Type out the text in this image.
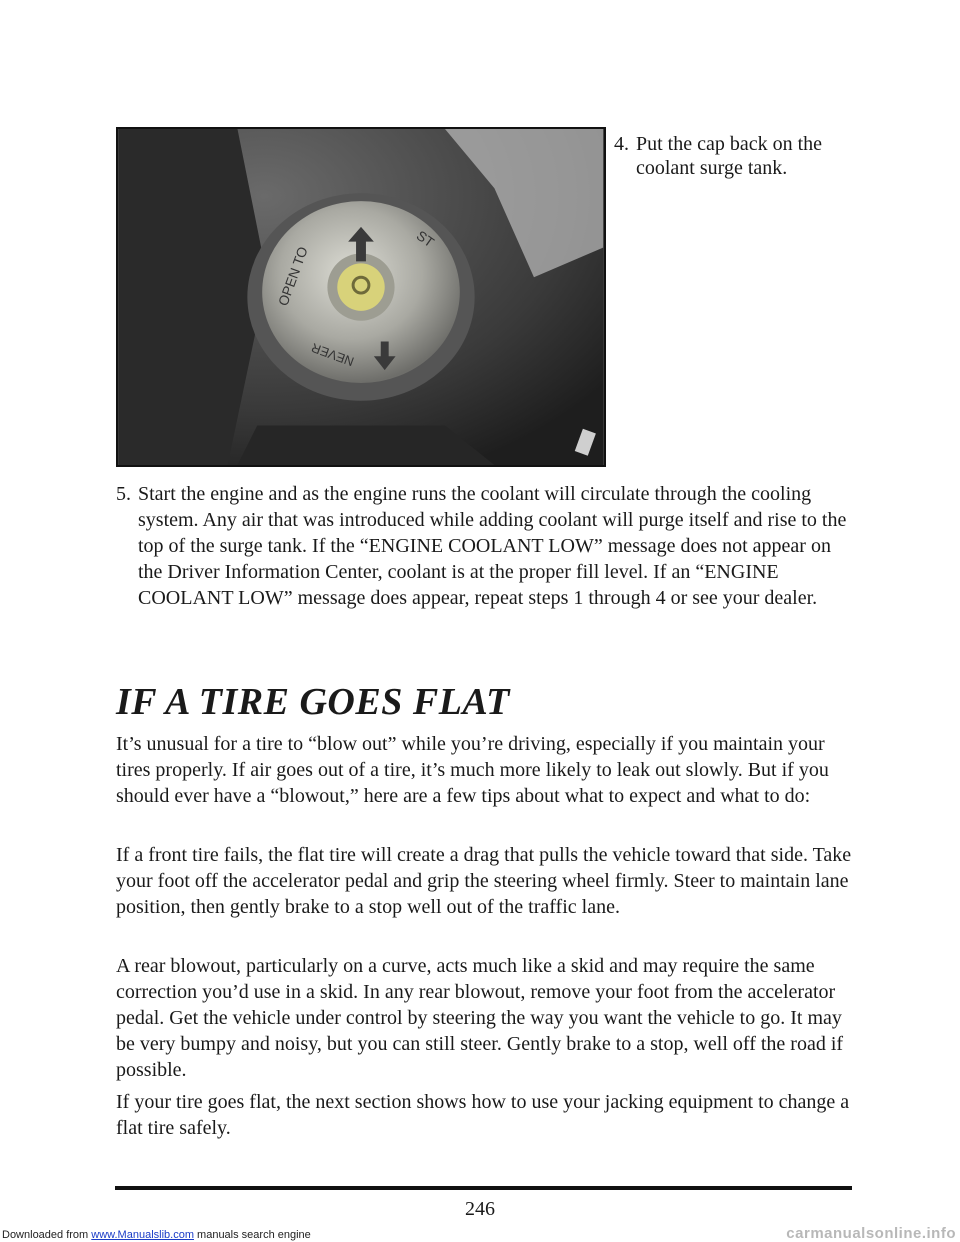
OPEN TO
ST
NEVER
4. Put the cap back on the coolant surge tank.
5. Start the engine and as the engine runs the coolant will circulate through the cooling system. Any air that was introduced while adding coolant will purge itself and rise to the top of the surge tank. If the “ENGINE COOLANT LOW” message does not appear on the Driver Information Center, coolant is at the proper fill level. If an “ENGINE COOLANT LOW” message does appear, repeat steps 1 through 4 or see your dealer.
IF A TIRE GOES FLAT

It’s unusual for a tire to “blow out” while you’re driving, especially if you maintain your tires properly. If air goes out of a tire, it’s much more likely to leak out slowly. But if you should ever have a “blowout,” here are a few tips about what to expect and what to do:

If a front tire fails, the flat tire will create a drag that pulls the vehicle toward that side. Take your foot off the accelerator pedal and grip the steering wheel firmly. Steer to maintain lane position, then gently brake to a stop well out of the traffic lane.

A rear blowout, particularly on a curve, acts much like a skid and may require the same correction you’d use in a skid. In any rear blowout, remove your foot from the accelerator pedal. Get the vehicle under control by steering the way you want the vehicle to go. It may be very bumpy and noisy, but you can still steer. Gently brake to a stop, well off the road if possible.

If your tire goes flat, the next section shows how to use your jacking equipment to change a flat tire safely.

246
Downloaded from www.Manualslib.com manuals search engine	carmanualsonline.info
